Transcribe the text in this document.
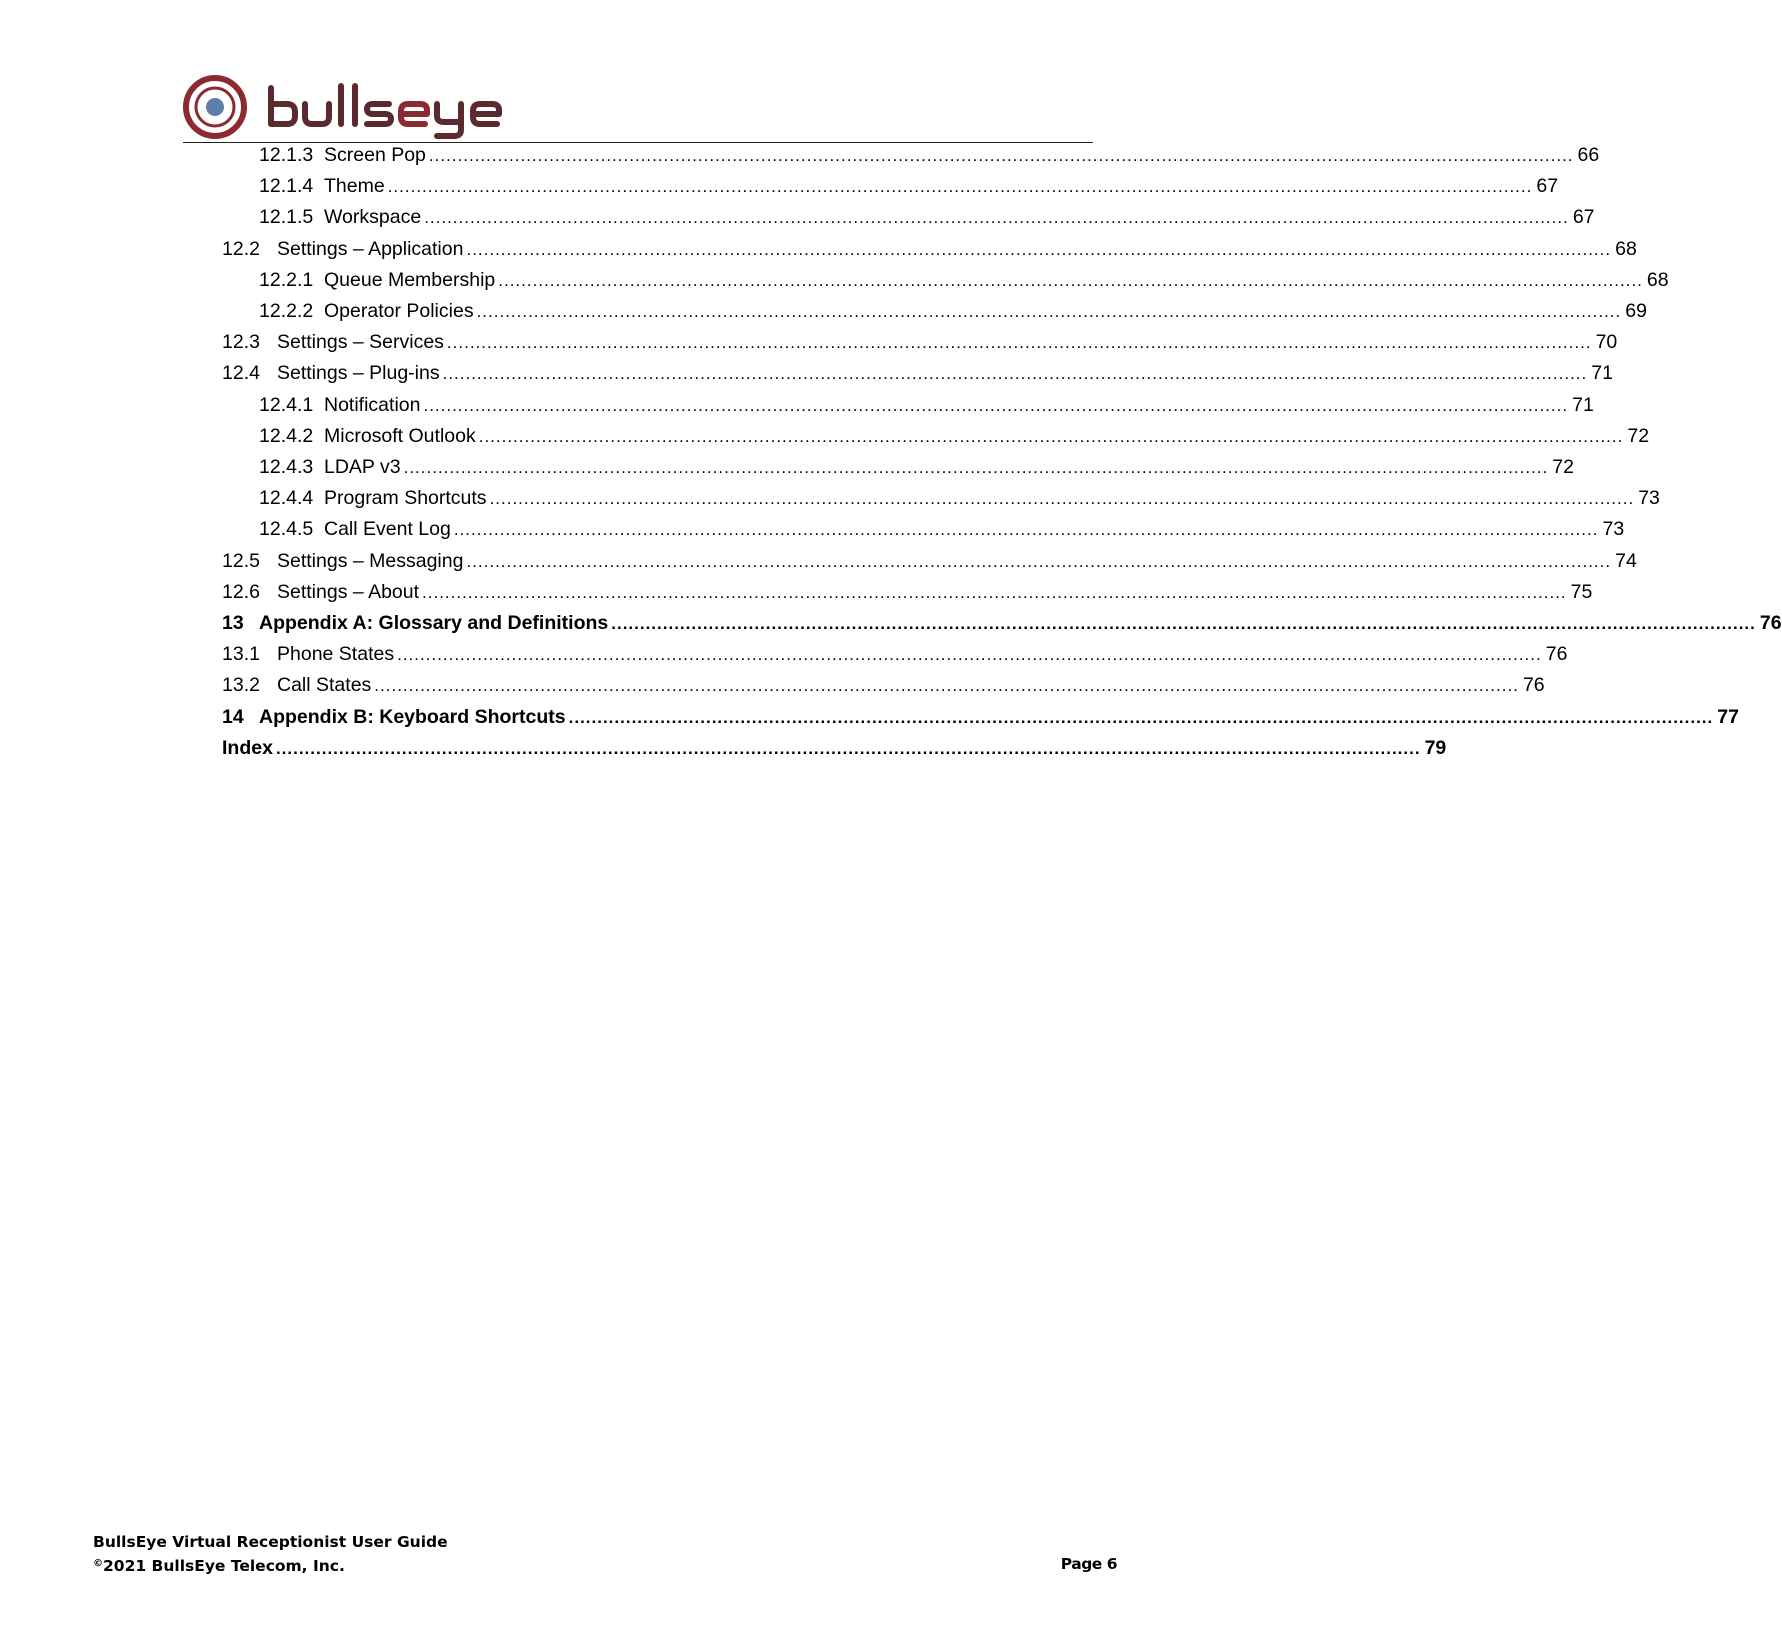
12.1.3 Screen Pop ........................................................................................................................................................................................................ 66
12.1.4 Theme ........................................................................................................................................................................................................ 67
12.1.5 Workspace ........................................................................................................................................................................................................ 67
12.2 Settings – Application ........................................................................................................................................................................................................ 68
12.2.1 Queue Membership ........................................................................................................................................................................................................ 68
12.2.2 Operator Policies ........................................................................................................................................................................................................ 69
12.3 Settings – Services ........................................................................................................................................................................................................ 70
12.4 Settings – Plug-ins ........................................................................................................................................................................................................ 71
12.4.1 Notification ........................................................................................................................................................................................................ 71
12.4.2 Microsoft Outlook ........................................................................................................................................................................................................ 72
12.4.3 LDAP v3 ........................................................................................................................................................................................................ 72
12.4.4 Program Shortcuts ........................................................................................................................................................................................................ 73
12.4.5 Call Event Log ........................................................................................................................................................................................................ 73
12.5 Settings – Messaging ........................................................................................................................................................................................................ 74
12.6 Settings – About ........................................................................................................................................................................................................ 75
13 Appendix A: Glossary and Definitions ........................................................................................................................................................................................................ 76
13.1 Phone States ........................................................................................................................................................................................................ 76
13.2 Call States ........................................................................................................................................................................................................ 76
14 Appendix B: Keyboard Shortcuts ........................................................................................................................................................................................................ 77
Index ........................................................................................................................................................................................................ 79
BullsEye Virtual Receptionist User Guide
©2021 BullsEye Telecom, Inc.	Page 6
